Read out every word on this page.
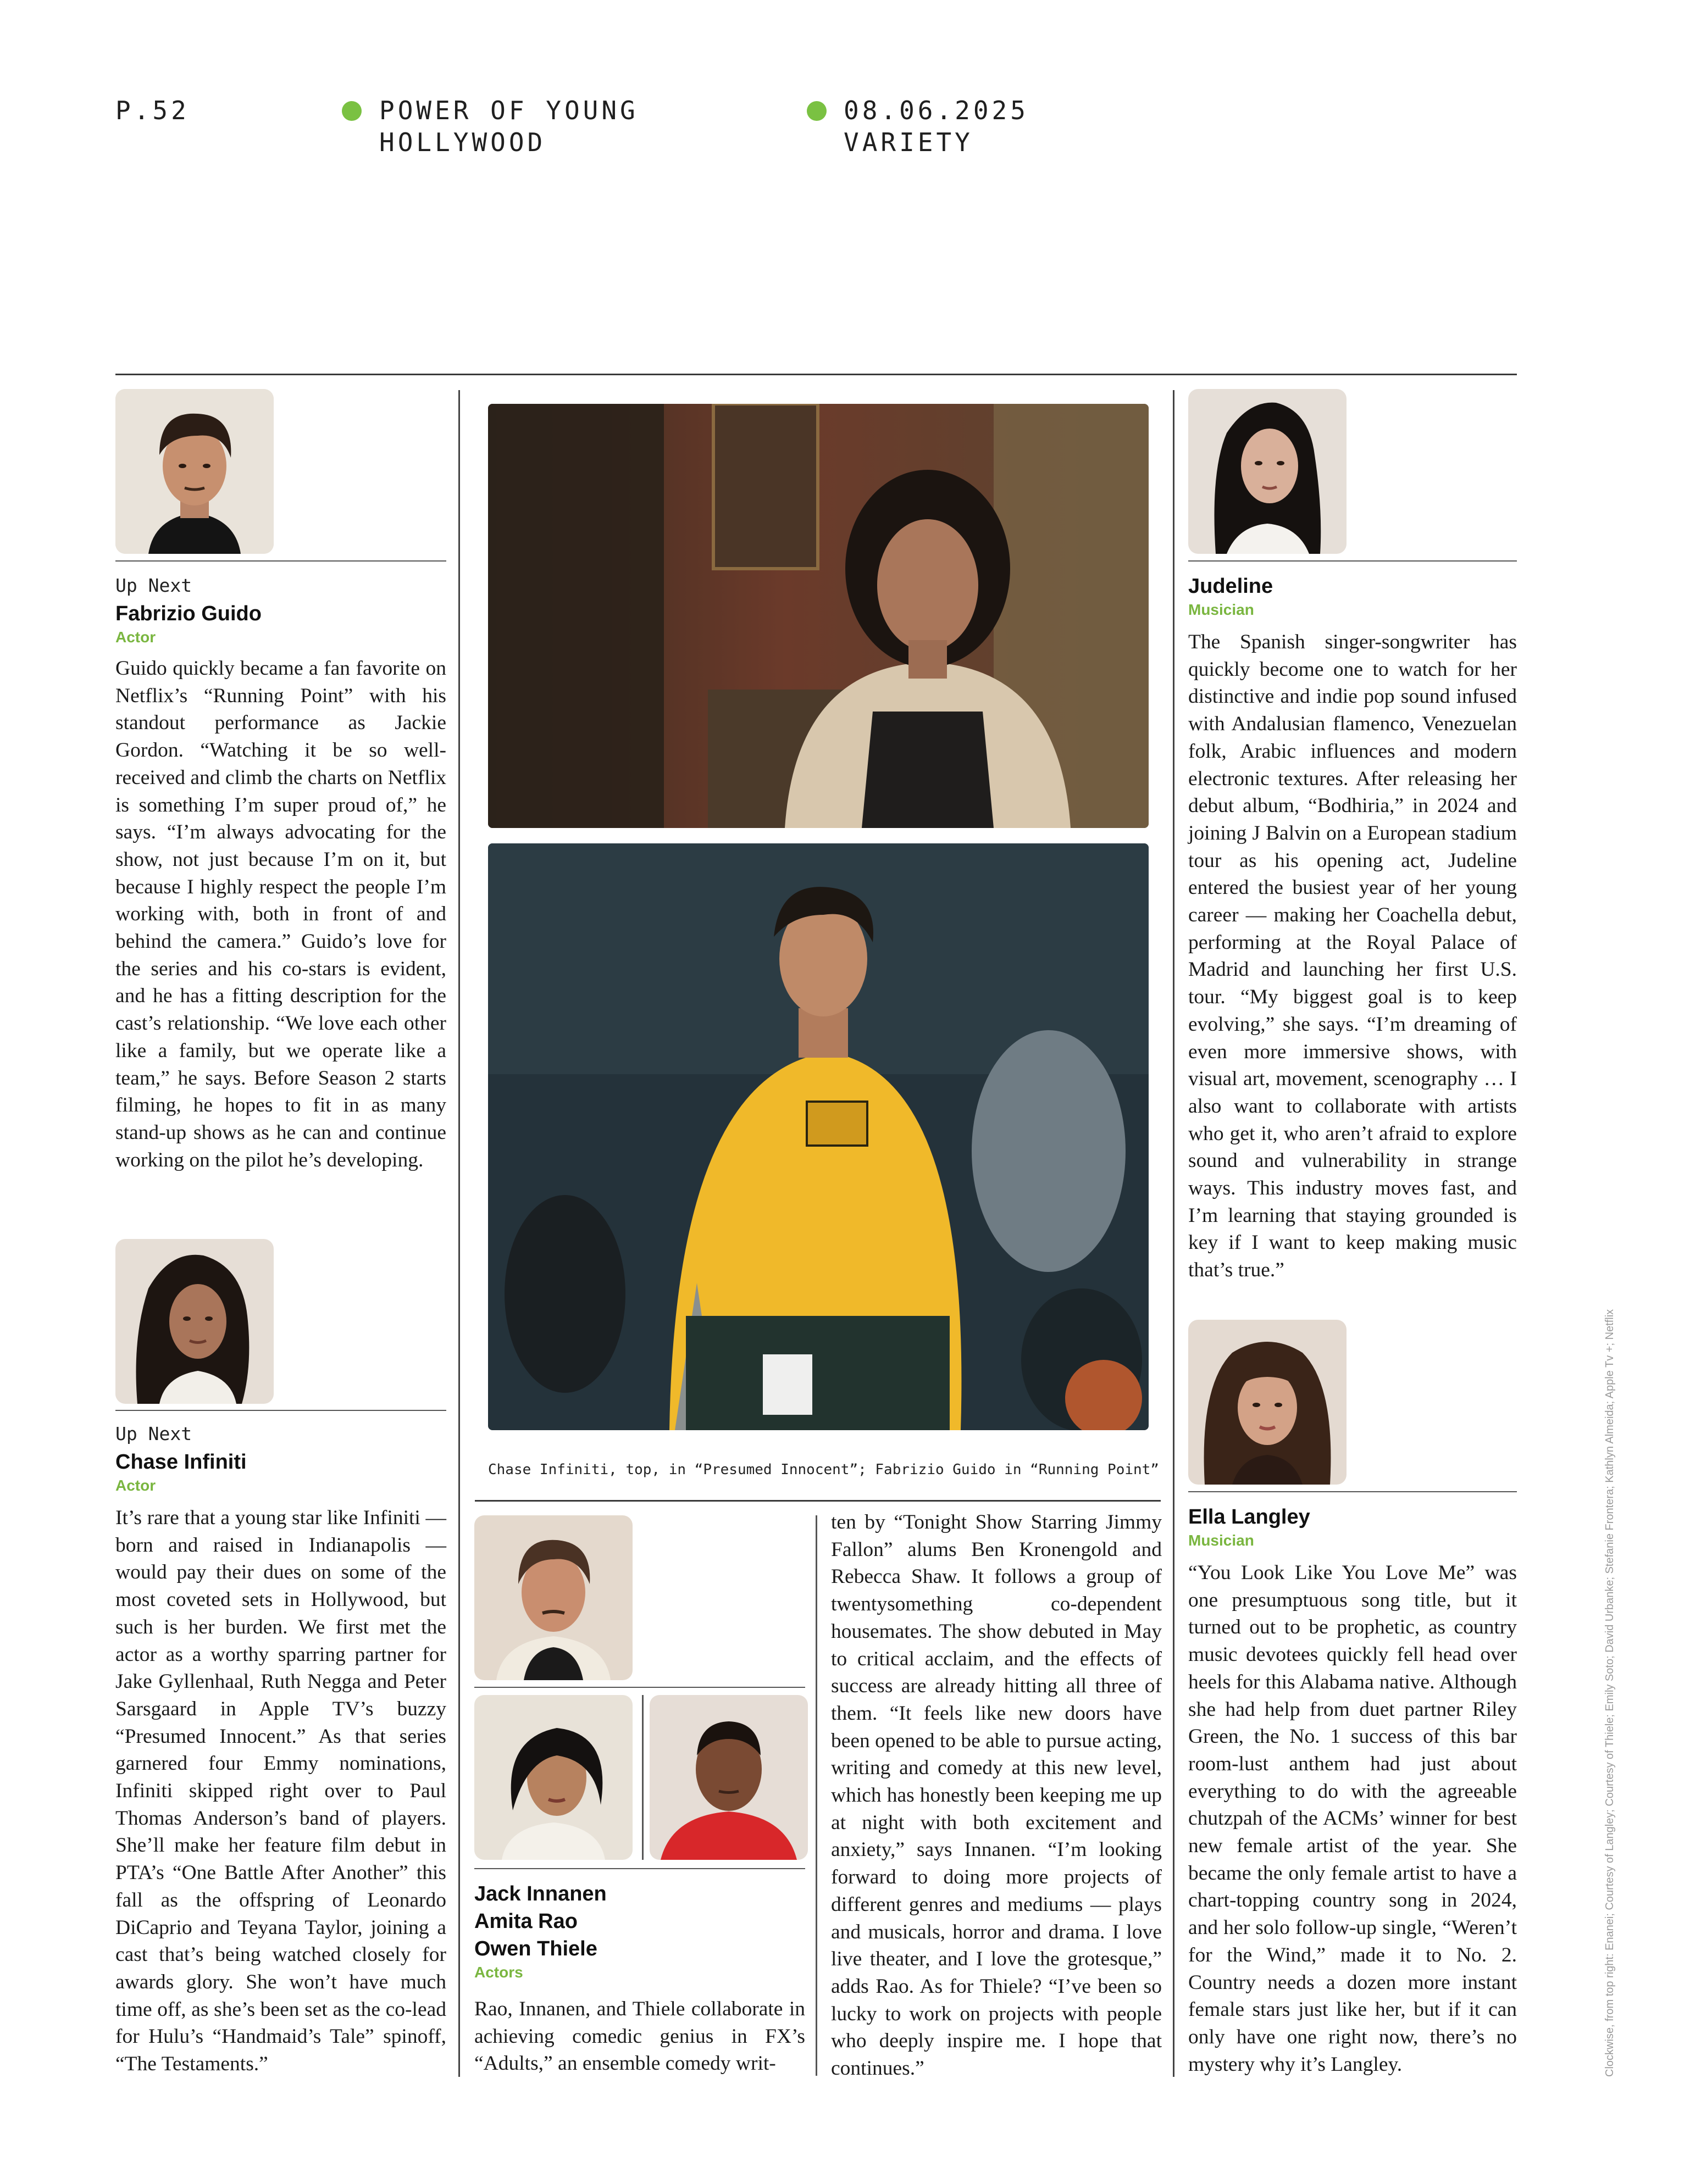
P.52	POWER OF YOUNG
HOLLYWOOD
08.06.2025
VARIETY
Up Next
Fabrizio Guido
Actor

Guido quickly became a fan favorite on Netflix’s “Running Point” with his standout performance as Jackie Gordon. “Watching it be so well-received and climb the charts on Netflix is something I’m super proud of,” he says. “I’m always advocating for the show, not just because I’m on it, but because I highly respect the people I’m working with, both in front of and behind the camera.” Guido’s love for the series and his co-stars is evident, and he has a fitting description for the cast’s relationship. “We love each other like a family, but we operate like a team,” he says. Before Season 2 starts filming, he hopes to fit in as many stand-up shows as he can and continue working on the pilot he’s developing.

Up Next
Chase Infiniti
Actor

It’s rare that a young star like Infiniti — born and raised in Indianapolis — would pay their dues on some of the most coveted sets in Hollywood, but such is her burden. We first met the actor as a worthy sparring partner for Jake Gyllenhaal, Ruth Negga and Peter Sarsgaard in Apple TV’s buzzy “Presumed Innocent.” As that series garnered four Emmy nominations, Infiniti skipped right over to Paul Thomas Anderson’s band of players. She’ll make her feature film debut in PTA’s “One Battle After Another” this fall as the offspring of Leonardo DiCaprio and Teyana Taylor, joining a cast that’s being watched closely for awards glory. She won’t have much time off, as she’s been set as the co-lead for Hulu’s “Handmaid’s Tale” spinoff, “The Testaments.”

Chase Infiniti, top, in “Presumed Innocent”; Fabrizio Guido in “Running Point”
Jack Innanen
Amita Rao
Owen Thiele
Actors

Rao, Innanen, and Thiele collaborate in achieving comedic genius in FX’s “Adults,” an ensemble comedy writ-

ten by “Tonight Show Starring Jimmy Fallon” alums Ben Kronengold and Rebecca Shaw. It follows a group of twentysomething co-dependent housemates. The show debuted in May to critical acclaim, and the effects of success are already hitting all three of them. “It feels like new doors have been opened to be able to pursue acting, writing and comedy at this new level, which has honestly been keeping me up at night with both excitement and anxiety,” says Innanen. “I’m looking forward to doing more projects of different genres and mediums — plays and musicals, horror and drama. I love live theater, and I love the grotesque,” adds Rao. As for Thiele? “I’ve been so lucky to work on projects with people who deeply inspire me. I hope that continues.”

Judeline
Musician

The Spanish singer-songwriter has quickly become one to watch for her distinctive and indie pop sound infused with Andalusian flamenco, Venezuelan folk, Arabic influences and modern electronic textures. After releasing her debut album, “Bodhiria,” in 2024 and joining J Balvin on a European stadium tour as his opening act, Judeline entered the busiest year of her young career — making her Coachella debut, performing at the Royal Palace of Madrid and launching her first U.S. tour. “My biggest goal is to keep evolving,” she says. “I’m dreaming of even more immersive shows, with visual art, movement, scenography … I also want to collaborate with artists who get it, who aren’t afraid to explore sound and vulnerability in strange ways. This industry moves fast, and I’m learning that staying grounded is key if I want to keep making music that’s true.”

Ella Langley
Musician

“You Look Like You Love Me” was one presumptuous song title, but it turned out to be prophetic, as country music devotees quickly fell head over heels for this Alabama native. Although she had help from duet partner Riley Green, the No. 1 success of this bar room-lust anthem had just about everything to do with the agreeable chutzpah of the ACMs’ winner for best new female artist of the year. She became the only female artist to have a chart-topping country song in 2024, and her solo follow-up single, “Weren’t for the Wind,” made it to No. 2. Country needs a dozen more instant female stars just like her, but if it can only have one right now, there’s no mystery why it’s Langley.	Clockwise, from top right: Enanei; Courtesy of Langley; Courtesy of Thiele; Emily Soto; David Urbanke; Stefanie Frontera; Kathlyn Almeida; Apple Tv +; Netflix
